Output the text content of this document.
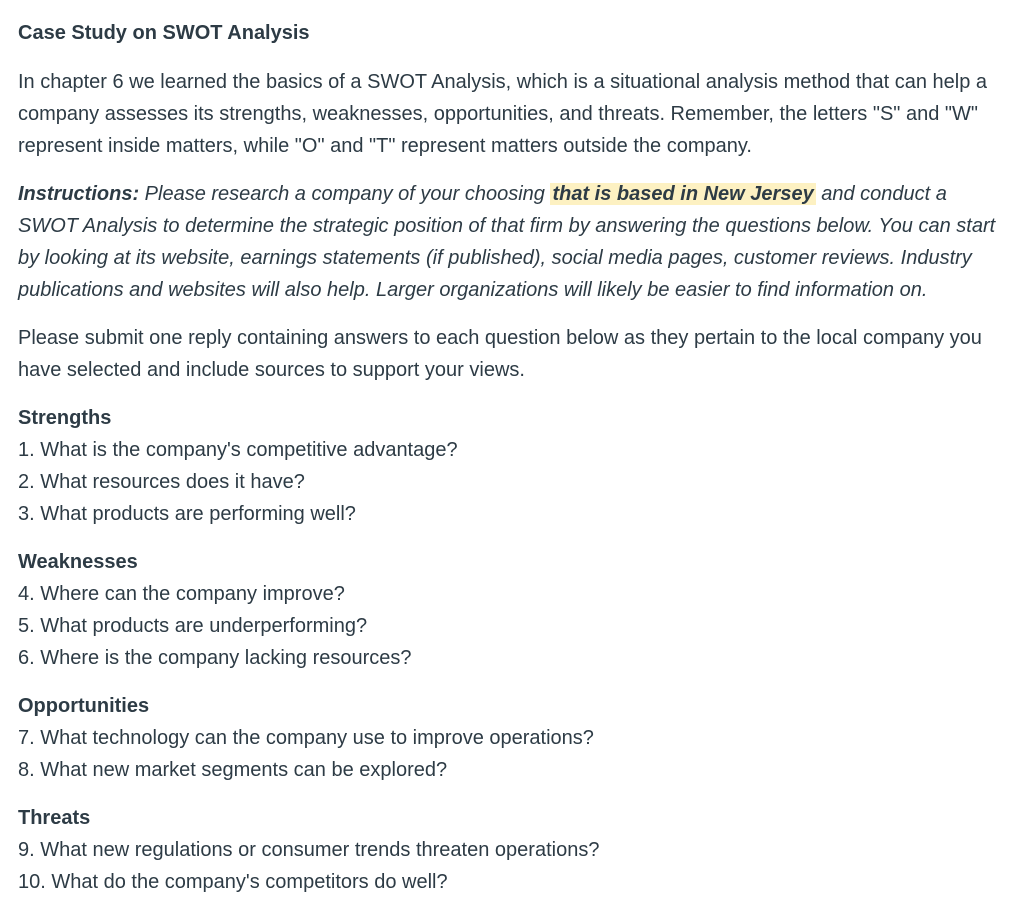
Case Study on SWOT Analysis

In chapter 6 we learned the basics of a SWOT Analysis, which is a situational analysis method that can help a company assesses its strengths, weaknesses, opportunities, and threats. Remember, the letters "S" and "W" represent inside matters, while "O" and "T" represent matters outside the company.

Instructions: Please research a company of your choosing that is based in New Jersey and conduct a SWOT Analysis to determine the strategic position of that firm by answering the questions below. You can start by looking at its website, earnings statements (if published), social media pages, customer reviews. Industry publications and websites will also help. Larger organizations will likely be easier to find information on.

Please submit one reply containing answers to each question below as they pertain to the local company you have selected and include sources to support your views.

Strengths
1. What is the company's competitive advantage?
2. What resources does it have?
3. What products are performing well?
Weaknesses
4. Where can the company improve?
5. What products are underperforming?
6. Where is the company lacking resources?
Opportunities
7. What technology can the company use to improve operations?
8. What new market segments can be explored?
Threats
9. What new regulations or consumer trends threaten operations?
10. What do the company's competitors do well?
